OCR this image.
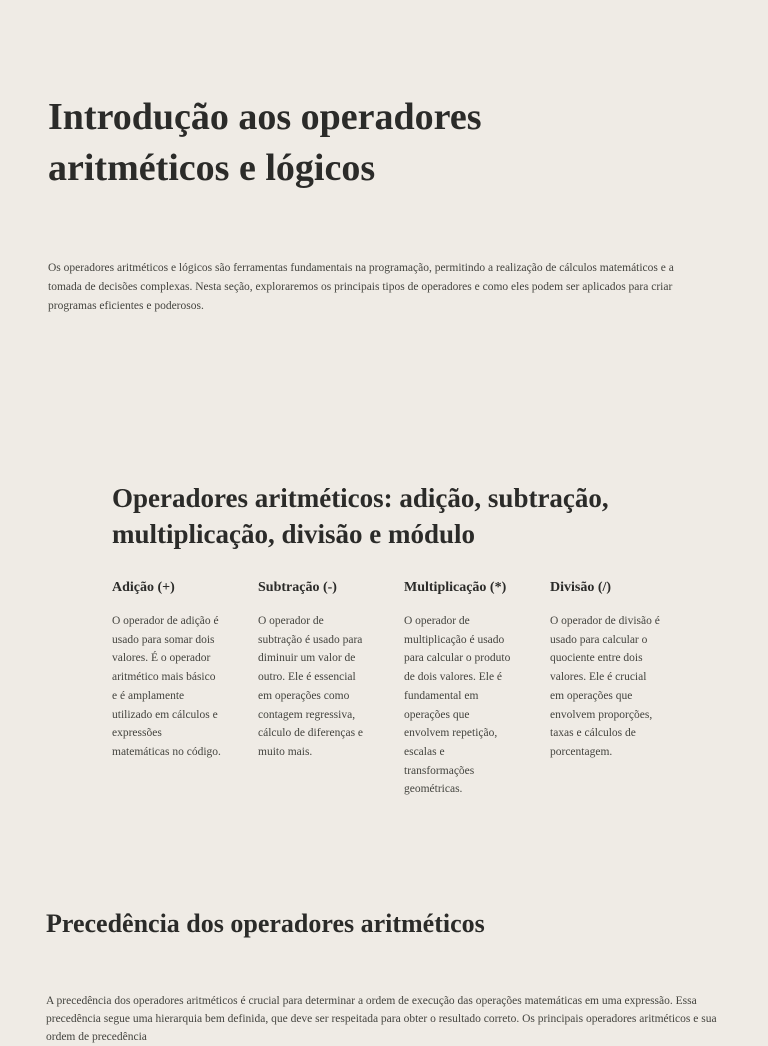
Introdução aos operadores aritméticos e lógicos

Os operadores aritméticos e lógicos são ferramentas fundamentais na programação, permitindo a realização de cálculos matemáticos e a tomada de decisões complexas. Nesta seção, exploraremos os principais tipos de operadores e como eles podem ser aplicados para criar programas eficientes e poderosos.

Operadores aritméticos: adição, subtração, multiplicação, divisão e módulo
Adição (+)

O operador de adição é usado para somar dois valores. É o operador aritmético mais básico e é amplamente utilizado em cálculos e expressões matemáticas no código.

Subtração (-)

O operador de subtração é usado para diminuir um valor de outro. Ele é essencial em operações como contagem regressiva, cálculo de diferenças e muito mais.

Multiplicação (*)

O operador de multiplicação é usado para calcular o produto de dois valores. Ele é fundamental em operações que envolvem repetição, escalas e transformações geométricas.

Divisão (/)

O operador de divisão é usado para calcular o quociente entre dois valores. Ele é crucial em operações que envolvem proporções, taxas e cálculos de porcentagem.

Precedência dos operadores aritméticos

A precedência dos operadores aritméticos é crucial para determinar a ordem de execução das operações matemáticas em uma expressão. Essa precedência segue uma hierarquia bem definida, que deve ser respeitada para obter o resultado correto. Os principais operadores aritméticos e sua ordem de precedência
